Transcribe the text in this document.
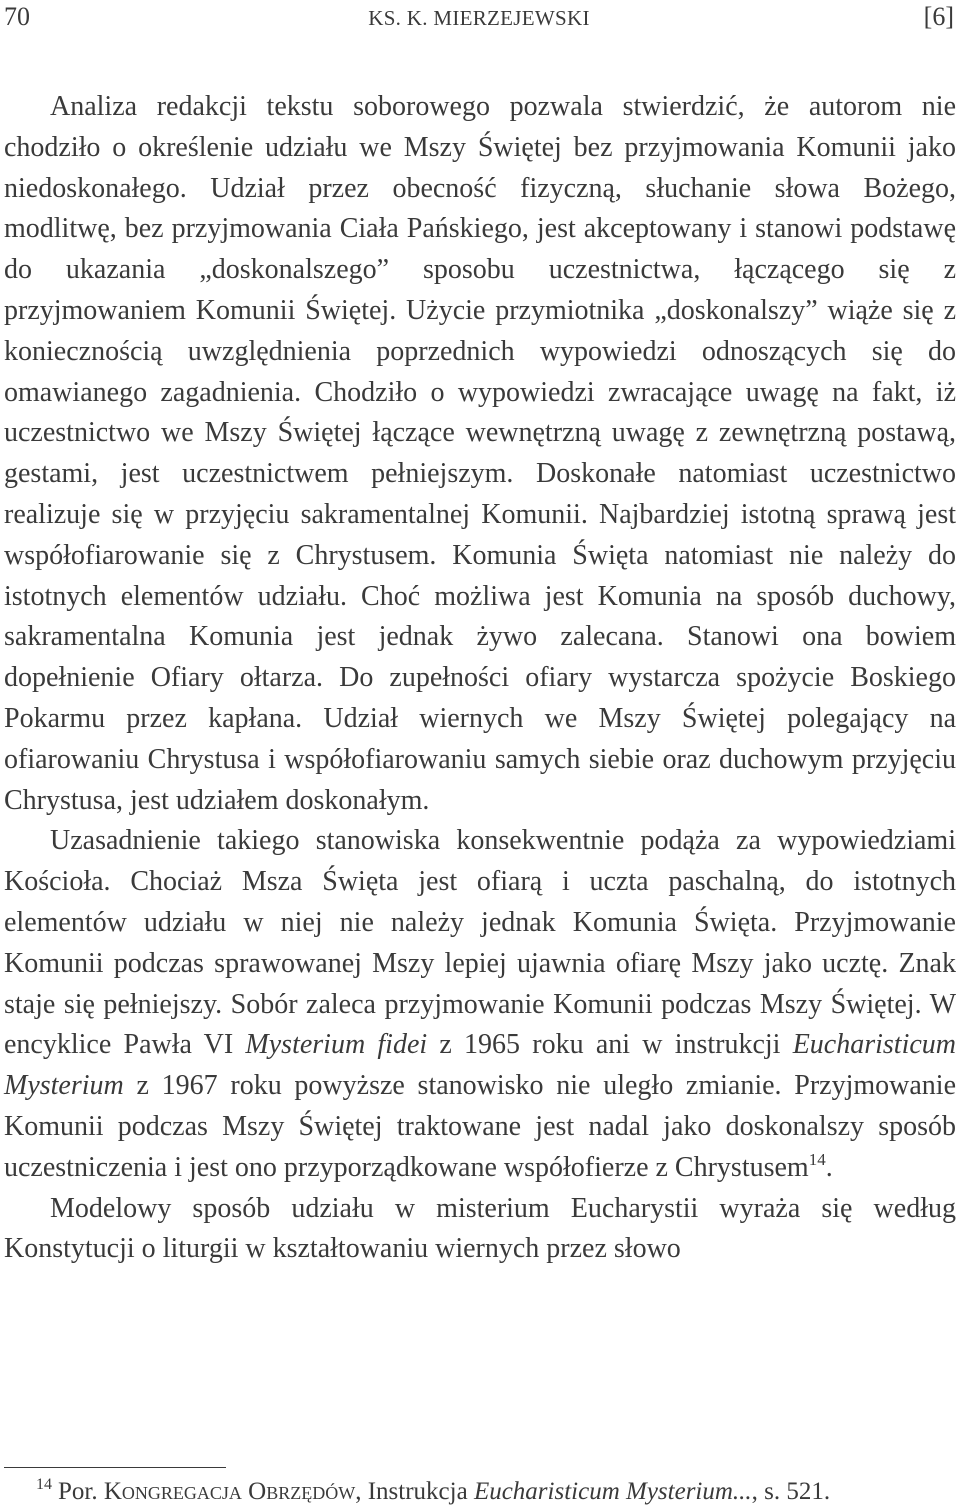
70	KS. K. MIERZEJEWSKI	[6]

Analiza redakcji tekstu soborowego pozwala stwierdzić, że autorom nie chodziło o określenie udziału we Mszy Świętej bez przyjmowania Komunii jako niedoskonałego. Udział przez obecność fizyczną, słuchanie słowa Bożego, modlitwę, bez przyjmowania Ciała Pańskiego, jest akceptowany i stanowi podstawę do ukazania „doskonalszego” sposobu uczestnictwa, łączącego się z przyjmowaniem Komunii Świętej. Użycie przymiotnika „doskonalszy” wiąże się z koniecznością uwzględnienia poprzednich wypowiedzi odnoszących się do omawianego zagadnienia. Chodziło o wypowiedzi zwracające uwagę na fakt, iż uczestnictwo we Mszy Świętej łączące wewnętrzną uwagę z zewnętrzną postawą, gestami, jest uczestnictwem pełniejszym. Doskonałe natomiast uczestnictwo realizuje się w przyjęciu sakramentalnej Komunii. Najbardziej istotną sprawą jest współofiarowanie się z Chrystusem. Komunia Święta natomiast nie należy do istotnych elementów udziału. Choć możliwa jest Komunia na sposób duchowy, sakramentalna Komunia jest jednak żywo zalecana. Stanowi ona bowiem dopełnienie Ofiary ołtarza. Do zupełności ofiary wystarcza spożycie Boskiego Pokarmu przez kapłana. Udział wiernych we Mszy Świętej polegający na ofiarowaniu Chrystusa i współofiarowaniu samych siebie oraz duchowym przyjęciu Chrystusa, jest udziałem doskonałym.

Uzasadnienie takiego stanowiska konsekwentnie podąża za wypowiedziami Kościoła. Chociaż Msza Święta jest ofiarą i uczta paschalną, do istotnych elementów udziału w niej nie należy jednak Komunia Święta. Przyjmowanie Komunii podczas sprawowanej Mszy lepiej ujawnia ofiarę Mszy jako ucztę. Znak staje się pełniejszy. Sobór zaleca przyjmowanie Komunii podczas Mszy Świętej. W encyklice Pawła VI Mysterium fidei z 1965 roku ani w instrukcji Eucharisticum Mysterium z 1967 roku powyższe stanowisko nie uległo zmianie. Przyjmowanie Komunii podczas Mszy Świętej traktowane jest nadal jako doskonalszy sposób uczestniczenia i jest ono przyporządkowane współofierze z Chrystusem$^{14}$.

Modelowy sposób udziału w misterium Eucharystii wyraża się według Konstytucji o liturgii w kształtowaniu wiernych przez słowo

$^{14}$ Por. Kongregacja Obrzędów, Instrukcja Eucharisticum Mysterium..., s. 521.
